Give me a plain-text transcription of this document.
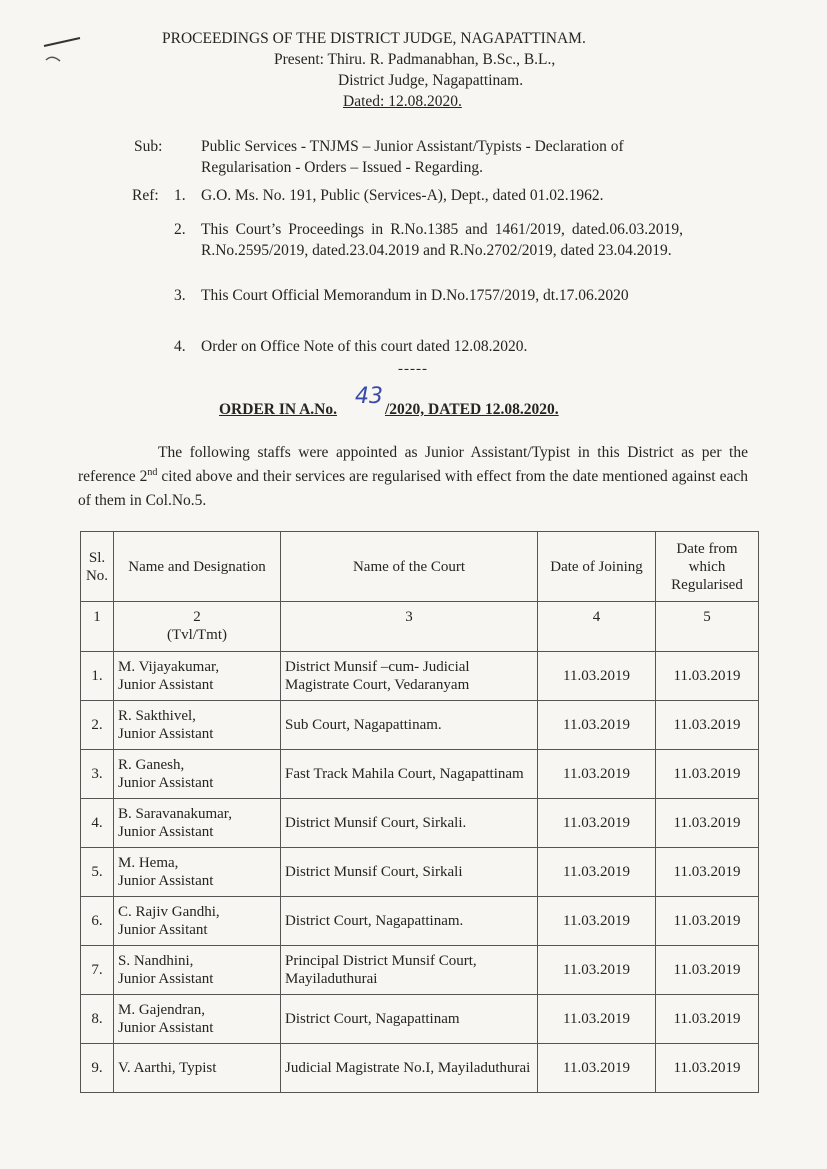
PROCEEDINGS OF THE DISTRICT JUDGE, NAGAPATTINAM.
Present: Thiru. R. Padmanabhan, B.Sc., B.L.,
District Judge, Nagapattinam.
Dated: 12.08.2020.
Sub: Public Services - TNJMS – Junior Assistant/Typists - Declaration of Regularisation - Orders – Issued - Regarding.
Ref: 1. G.O. Ms. No. 191, Public (Services-A), Dept., dated 01.02.1962.
2. This Court’s Proceedings in R.No.1385 and 1461/2019, dated.06.03.2019, R.No.2595/2019, dated.23.04.2019 and R.No.2702/2019, dated 23.04.2019.
3. This Court Official Memorandum in D.No.1757/2019, dt.17.06.2020
4. Order on Office Note of this court dated 12.08.2020.
-----
ORDER IN A.No.	/2020, DATED 12.08.2020.
43
The following staffs were appointed as Junior Assistant/Typist in this District as per the reference 2nd cited above and their services are regularised with effect from the date mentioned against each of them in Col.No.5.
Sl. No.	Name and Designation	Name of the Court	Date of Joining	Date from which Regularised
1	2
(Tvl/Tmt)	3	4	5
1.	M. Vijayakumar,
Junior Assistant	District Munsif –cum- Judicial Magistrate Court, Vedaranyam	11.03.2019	11.03.2019
2.	R. Sakthivel,
Junior Assistant	Sub Court, Nagapattinam.	11.03.2019	11.03.2019
3.	R. Ganesh,
Junior Assistant	Fast Track Mahila Court, Nagapattinam	11.03.2019	11.03.2019
4.	B. Saravanakumar,
Junior Assistant	District Munsif Court, Sirkali.	11.03.2019	11.03.2019
5.	M. Hema,
Junior Assistant	District Munsif Court, Sirkali	11.03.2019	11.03.2019
6.	C. Rajiv Gandhi,
Junior Assitant	District Court, Nagapattinam.	11.03.2019	11.03.2019
7.	S. Nandhini,
Junior Assistant	Principal District Munsif Court, Mayiladuthurai	11.03.2019	11.03.2019
8.	M. Gajendran,
Junior Assistant	District Court, Nagapattinam	11.03.2019	11.03.2019
9.	V. Aarthi, Typist	Judicial Magistrate No.I, Mayiladuthurai	11.03.2019	11.03.2019
